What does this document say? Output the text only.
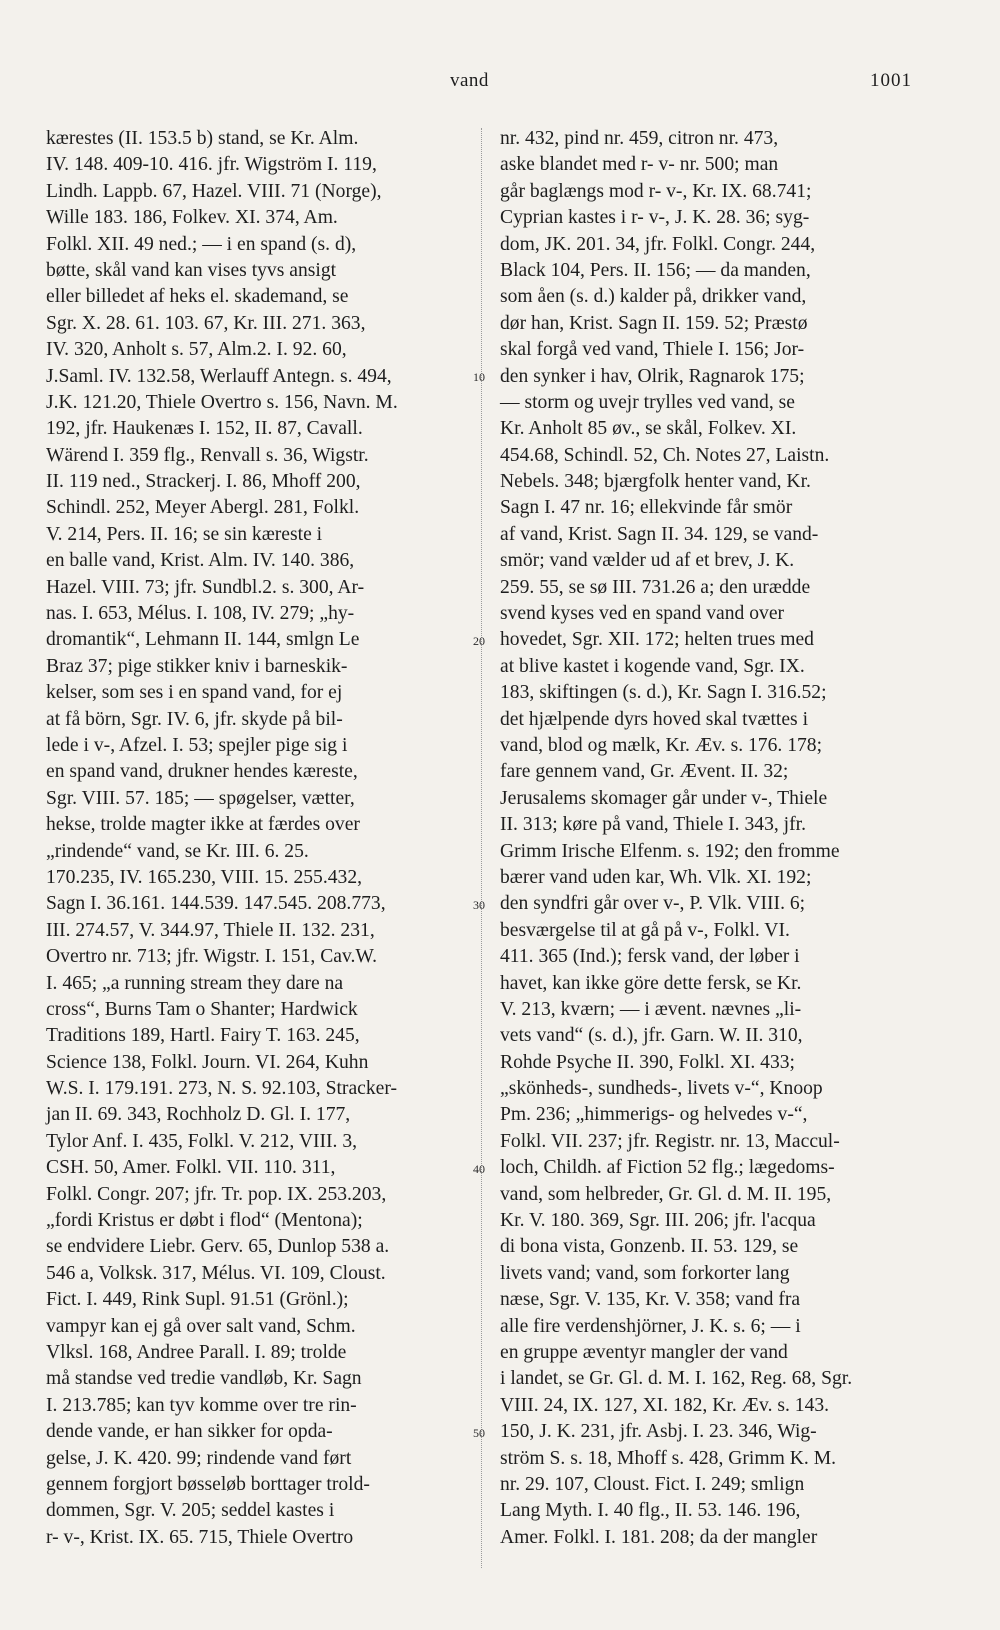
vand	1001
kærestes (II. 153.5 b) stand, se Kr. Alm.
IV. 148. 409-10. 416. jfr. Wigström I. 119,
Lindh. Lappb. 67, Hazel. VIII. 71 (Norge),
Wille 183. 186, Folkev. XI. 374, Am.
Folkl. XII. 49 ned.; — i en spand (s. d),
bøtte, skål vand kan vises tyvs ansigt
eller billedet af heks el. skademand, se
Sgr. X. 28. 61. 103. 67, Kr. III. 271. 363,
IV. 320, Anholt s. 57, Alm.2. I. 92. 60,
J.Saml. IV. 132.58, Werlauff Antegn. s. 494,
J.K. 121.20, Thiele Overtro s. 156, Navn. M.
192, jfr. Haukenæs I. 152, II. 87, Cavall.
Wärend I. 359 flg., Renvall s. 36, Wigstr.
II. 119 ned., Strackerj. I. 86, Mhoff 200,
Schindl. 252, Meyer Abergl. 281, Folkl.
V. 214, Pers. II. 16; se sin kæreste i
en balle vand, Krist. Alm. IV. 140. 386,
Hazel. VIII. 73; jfr. Sundbl.2. s. 300, Ar-
nas. I. 653, Mélus. I. 108, IV. 279; „hy-
dromantik“, Lehmann II. 144, smlgn Le
Braz 37; pige stikker kniv i barneskik-
kelser, som ses i en spand vand, for ej
at få börn, Sgr. IV. 6, jfr. skyde på bil-
lede i v-, Afzel. I. 53; spejler pige sig i
en spand vand, drukner hendes kæreste,
Sgr. VIII. 57. 185; — spøgelser, vætter,
hekse, trolde magter ikke at færdes over
„rindende“ vand, se Kr. III. 6. 25.
170.235, IV. 165.230, VIII. 15. 255.432,
Sagn I. 36.161. 144.539. 147.545. 208.773,
III. 274.57, V. 344.97, Thiele II. 132. 231,
Overtro nr. 713; jfr. Wigstr. I. 151, Cav.W.
I. 465; „a running stream they dare na
cross“, Burns Tam o Shanter; Hardwick
Traditions 189, Hartl. Fairy T. 163. 245,
Science 138, Folkl. Journ. VI. 264, Kuhn
W.S. I. 179.191. 273, N. S. 92.103, Stracker-
jan II. 69. 343, Rochholz D. Gl. I. 177,
Tylor Anf. I. 435, Folkl. V. 212, VIII. 3,
CSH. 50, Amer. Folkl. VII. 110. 311,
Folkl. Congr. 207; jfr. Tr. pop. IX. 253.203,
„fordi Kristus er døbt i flod“ (Mentona);
se endvidere Liebr. Gerv. 65, Dunlop 538 a.
546 a, Volksk. 317, Mélus. VI. 109, Cloust.
Fict. I. 449, Rink Supl. 91.51 (Grönl.);
vampyr kan ej gå over salt vand, Schm.
Vlksl. 168, Andree Parall. I. 89; trolde
må standse ved tredie vandløb, Kr. Sagn
I. 213.785; kan tyv komme over tre rin-
dende vande, er han sikker for opda-
gelse, J. K. 420. 99; rindende vand ført
gennem forgjort bøsseløb borttager trold-
dommen, Sgr. V. 205; seddel kastes i
r- v-, Krist. IX. 65. 715, Thiele Overtro
10
20
30
40
50
nr. 432, pind nr. 459, citron nr. 473,
aske blandet med r- v- nr. 500; man
går baglængs mod r- v-, Kr. IX. 68.741;
Cyprian kastes i r- v-, J. K. 28. 36; syg-
dom, JK. 201. 34, jfr. Folkl. Congr. 244,
Black 104, Pers. II. 156; — da manden,
som åen (s. d.) kalder på, drikker vand,
dør han, Krist. Sagn II. 159. 52; Præstø
skal forgå ved vand, Thiele I. 156; Jor-
den synker i hav, Olrik, Ragnarok 175;
— storm og uvejr trylles ved vand, se
Kr. Anholt 85 øv., se skål, Folkev. XI.
454.68, Schindl. 52, Ch. Notes 27, Laistn.
Nebels. 348; bjærgfolk henter vand, Kr.
Sagn I. 47 nr. 16; ellekvinde får smör
af vand, Krist. Sagn II. 34. 129, se vand-
smör; vand vælder ud af et brev, J. K.
259. 55, se sø III. 731.26 a; den urædde
svend kyses ved en spand vand over
hovedet, Sgr. XII. 172; helten trues med
at blive kastet i kogende vand, Sgr. IX.
183, skiftingen (s. d.), Kr. Sagn I. 316.52;
det hjælpende dyrs hoved skal tvættes i
vand, blod og mælk, Kr. Æv. s. 176. 178;
fare gennem vand, Gr. Ævent. II. 32;
Jerusalems skomager går under v-, Thiele
II. 313; køre på vand, Thiele I. 343, jfr.
Grimm Irische Elfenm. s. 192; den fromme
bærer vand uden kar, Wh. Vlk. XI. 192;
den syndfri går over v-, P. Vlk. VIII. 6;
besværgelse til at gå på v-, Folkl. VI.
411. 365 (Ind.); fersk vand, der løber i
havet, kan ikke göre dette fersk, se Kr.
V. 213, kværn; — i ævent. nævnes „li-
vets vand“ (s. d.), jfr. Garn. W. II. 310,
Rohde Psyche II. 390, Folkl. XI. 433;
„skönheds-, sundheds-, livets v-“, Knoop
Pm. 236; „himmerigs- og helvedes v-“,
Folkl. VII. 237; jfr. Registr. nr. 13, Maccul-
loch, Childh. af Fiction 52 flg.; lægedoms-
vand, som helbreder, Gr. Gl. d. M. II. 195,
Kr. V. 180. 369, Sgr. III. 206; jfr. l'acqua
di bona vista, Gonzenb. II. 53. 129, se
livets vand; vand, som forkorter lang
næse, Sgr. V. 135, Kr. V. 358; vand fra
alle fire verdenshjörner, J. K. s. 6; — i
en gruppe æventyr mangler der vand
i landet, se Gr. Gl. d. M. I. 162, Reg. 68, Sgr.
VIII. 24, IX. 127, XI. 182, Kr. Æv. s. 143.
150, J. K. 231, jfr. Asbj. I. 23. 346, Wig-
ström S. s. 18, Mhoff s. 428, Grimm K. M.
nr. 29. 107, Cloust. Fict. I. 249; smlign
Lang Myth. I. 40 flg., II. 53. 146. 196,
Amer. Folkl. I. 181. 208; da der mangler
